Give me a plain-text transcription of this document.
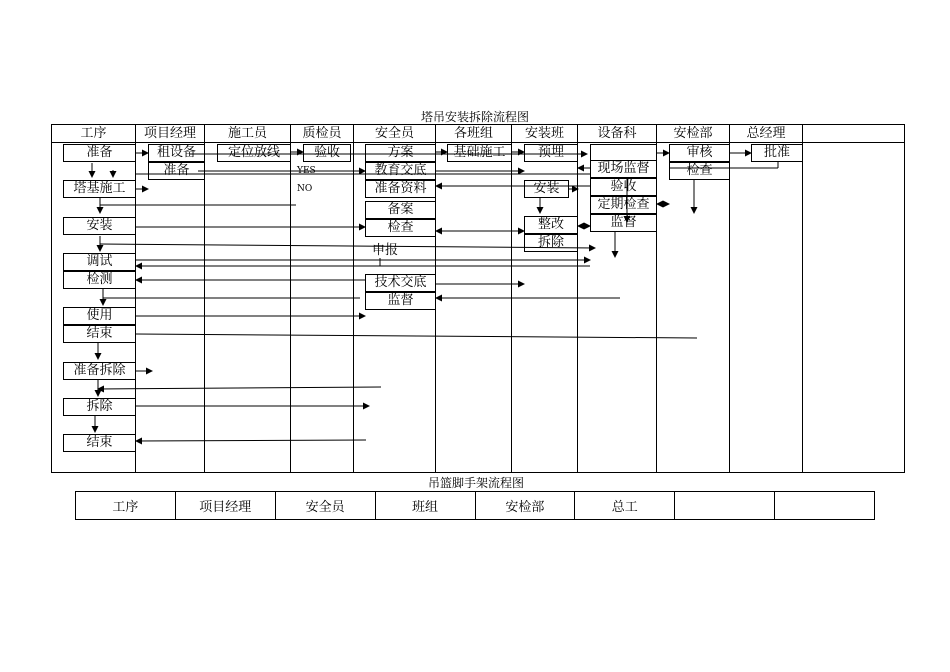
塔吊安装拆除流程图
工序	项目经理	施工员	质检员	安全员	各班组	安装班	设备科	安检部	总经理
准备
塔基施工
安装
调试
检测
使用
结束
准备拆除
拆除
结束
租设备
准备
定位放线	验收
YES
NO
方案
教育交底
准备资料
备案
检查
申报
技术交底
监督
基础施工	预埋
安装
整改
拆除
现场监督
验收
定期检查
监督
审核
检查
批准
吊篮脚手架流程图
工序	项目经理	安全员	班组	安检部	总工		
